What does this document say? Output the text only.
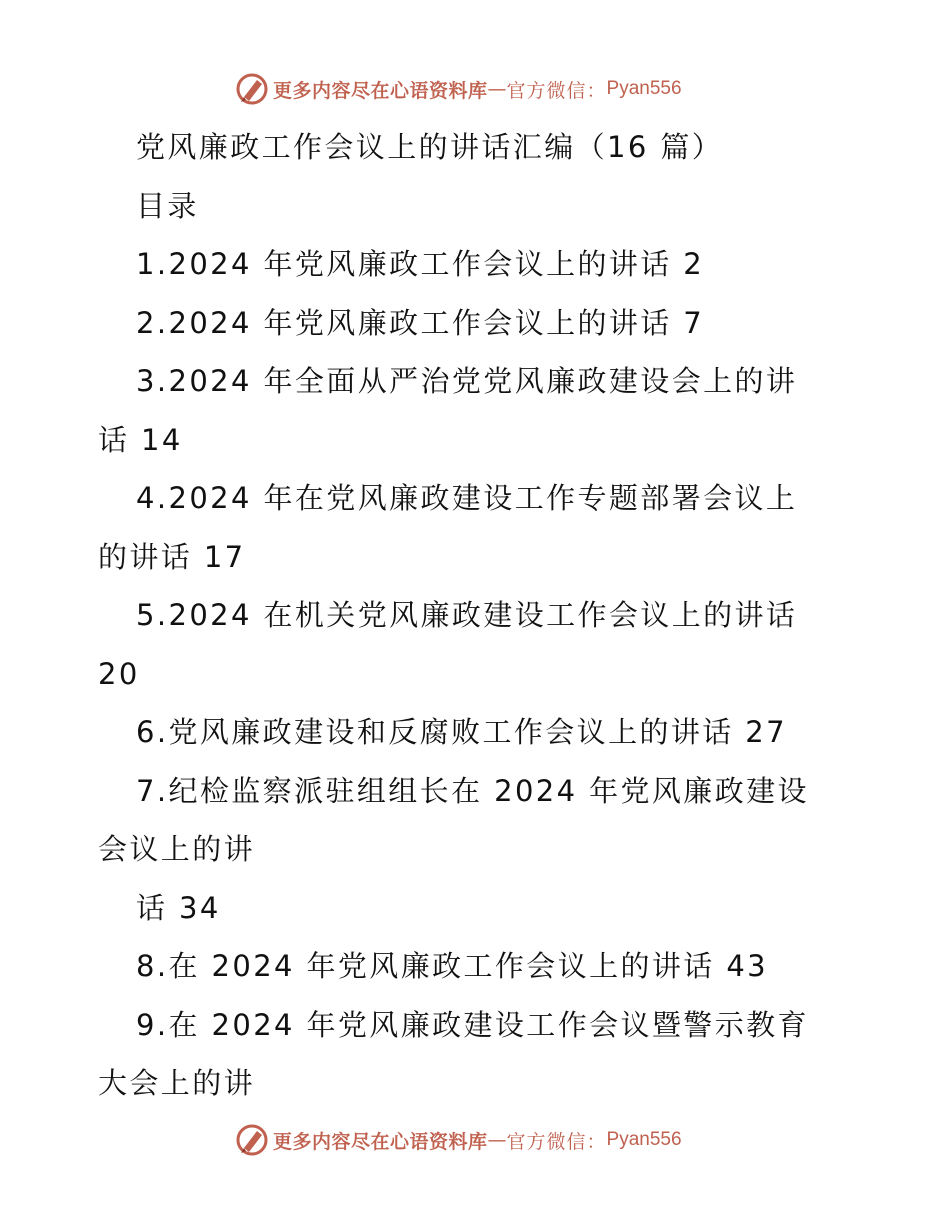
更多内容尽在心语资料库 — 官方微信： Pyan556
党风廉政工作会议上的讲话汇编（16 篇）
目录
1.2024 年党风廉政工作会议上的讲话 2
2.2024 年党风廉政工作会议上的讲话 7
3.2024 年全面从严治党党风廉政建设会上的讲
话 14
4.2024 年在党风廉政建设工作专题部署会议上
的讲话 17
5.2024 在机关党风廉政建设工作会议上的讲话
20
6.党风廉政建设和反腐败工作会议上的讲话 27
7.纪检监察派驻组组长在 2024 年党风廉政建设
会议上的讲
话 34
8.在 2024 年党风廉政工作会议上的讲话 43
9.在 2024 年党风廉政建设工作会议暨警示教育
大会上的讲
更多内容尽在心语资料库 — 官方微信： Pyan556
